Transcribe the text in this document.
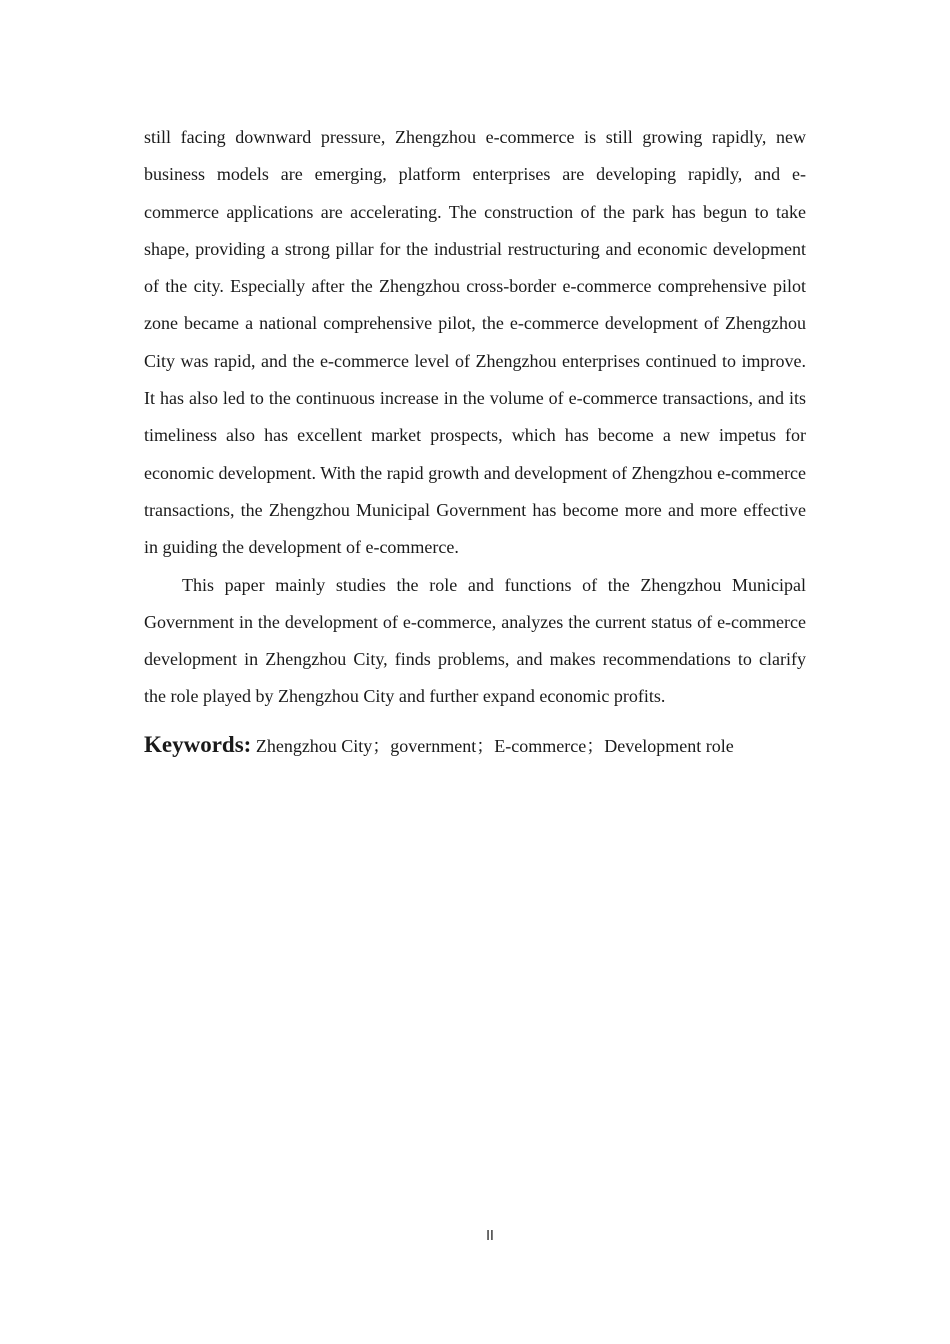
still facing downward pressure, Zhengzhou e-commerce is still growing rapidly, new business models are emerging, platform enterprises are developing rapidly, and e-commerce applications are accelerating. The construction of the park has begun to take shape, providing a strong pillar for the industrial restructuring and economic development of the city. Especially after the Zhengzhou cross-border e-commerce comprehensive pilot zone became a national comprehensive pilot, the e-commerce development of Zhengzhou City was rapid, and the e-commerce level of Zhengzhou enterprises continued to improve. It has also led to the continuous increase in the volume of e-commerce transactions, and its timeliness also has excellent market prospects, which has become a new impetus for economic development. With the rapid growth and development of Zhengzhou e-commerce transactions, the Zhengzhou Municipal Government has become more and more effective in guiding the development of e-commerce.

This paper mainly studies the role and functions of the Zhengzhou Municipal Government in the development of e-commerce, analyzes the current status of e-commerce development in Zhengzhou City, finds problems, and makes recommendations to clarify the role played by Zhengzhou City and further expand economic profits.

Keywords: Zhengzhou City；government；E-commerce；Development role

II
